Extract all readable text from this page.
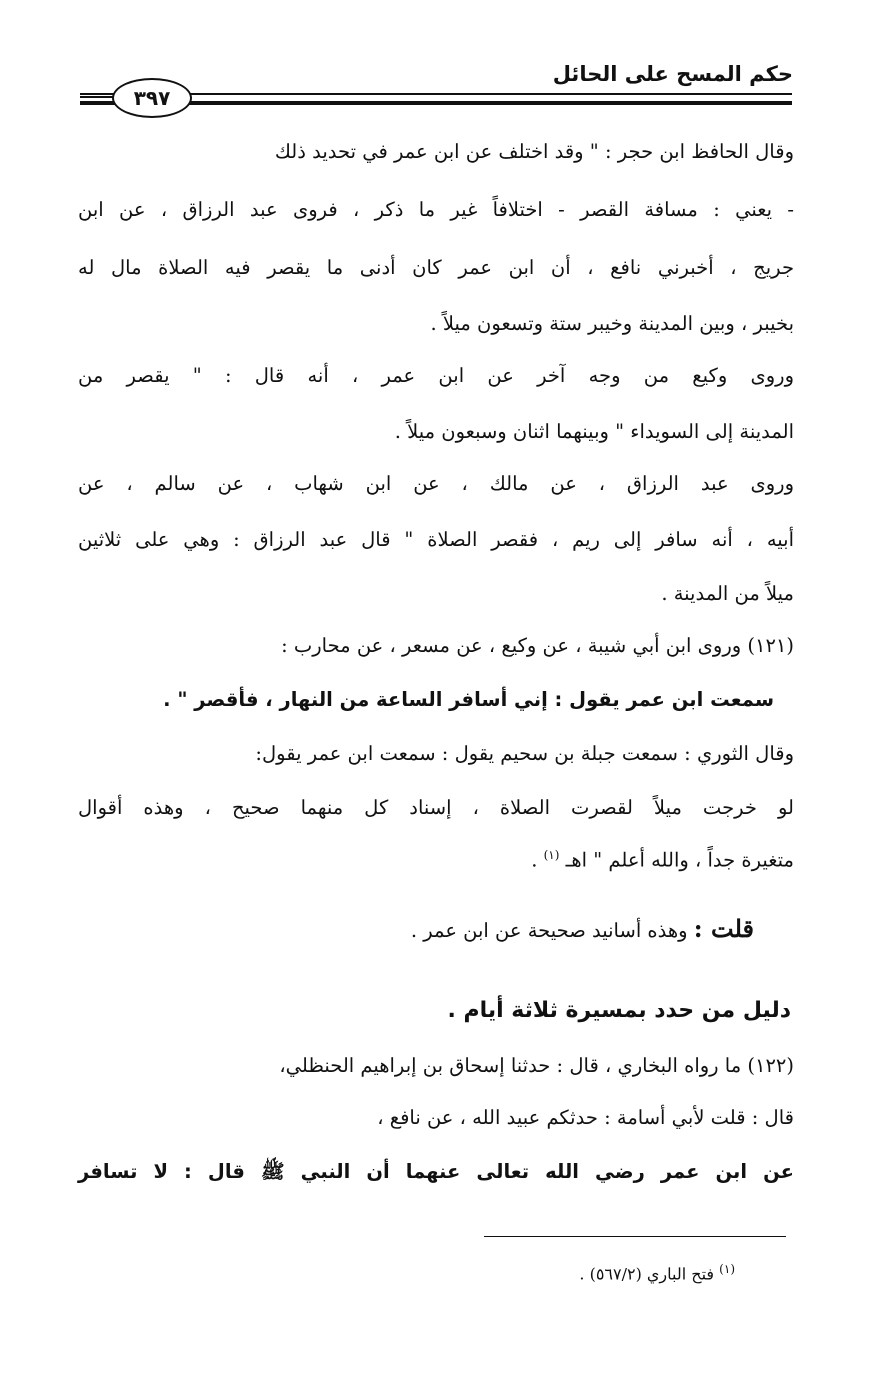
حكم المسح على الحائل
٣٩٧
وقال الحافظ ابن حجر : " وقد اختلف عن ابن عمر في تحديد ذلك
- يعني : مسافة القصر - اختلافاً غير ما ذكر ، فروى عبد الرزاق ، عن ابن
جريج ، أخبرني نافع ، أن ابن عمر كان أدنى ما يقصر فيه الصلاة مال له
بخيبر ، وبين المدينة وخيبر ستة وتسعون ميلاً .
وروى وكيع من وجه آخر عن ابن عمر ، أنه قال : " يقصر من
المدينة إلى السويداء " وبينهما اثنان وسبعون ميلاً .
وروى عبد الرزاق ، عن مالك ، عن ابن شهاب ، عن سالم ، عن
أبيه ، أنه سافر إلى ريم ، فقصر الصلاة " قال عبد الرزاق : وهي على ثلاثين
ميلاً من المدينة .
(١٢١) وروى ابن أبي شيبة ، عن وكيع ، عن مسعر ، عن محارب :
سمعت ابن عمر يقول : إني أسافر الساعة من النهار ، فأقصر " .
وقال الثوري : سمعت جبلة بن سحيم يقول : سمعت ابن عمر يقول:
لو خرجت ميلاً لقصرت الصلاة ، إسناد كل منهما صحيح ، وهذه أقوال
متغيرة جداً ، والله أعلم " اهـ $^{(١)}$ .
قلت : وهذه أسانيد صحيحة عن ابن عمر .
(١٢٢) ما رواه البخاري ، قال : حدثنا إسحاق بن إبراهيم الحنظلي،
قال : قلت لأبي أسامة : حدثكم عبيد الله ، عن نافع ،
عن ابن عمر رضي الله تعالى عنهما أن النبي ﷺ قال : لا تسافر
دليل من حدد بمسيرة ثلاثة أيام .
$^{(١)}$ فتح الباري (٥٦٧/٢) .
